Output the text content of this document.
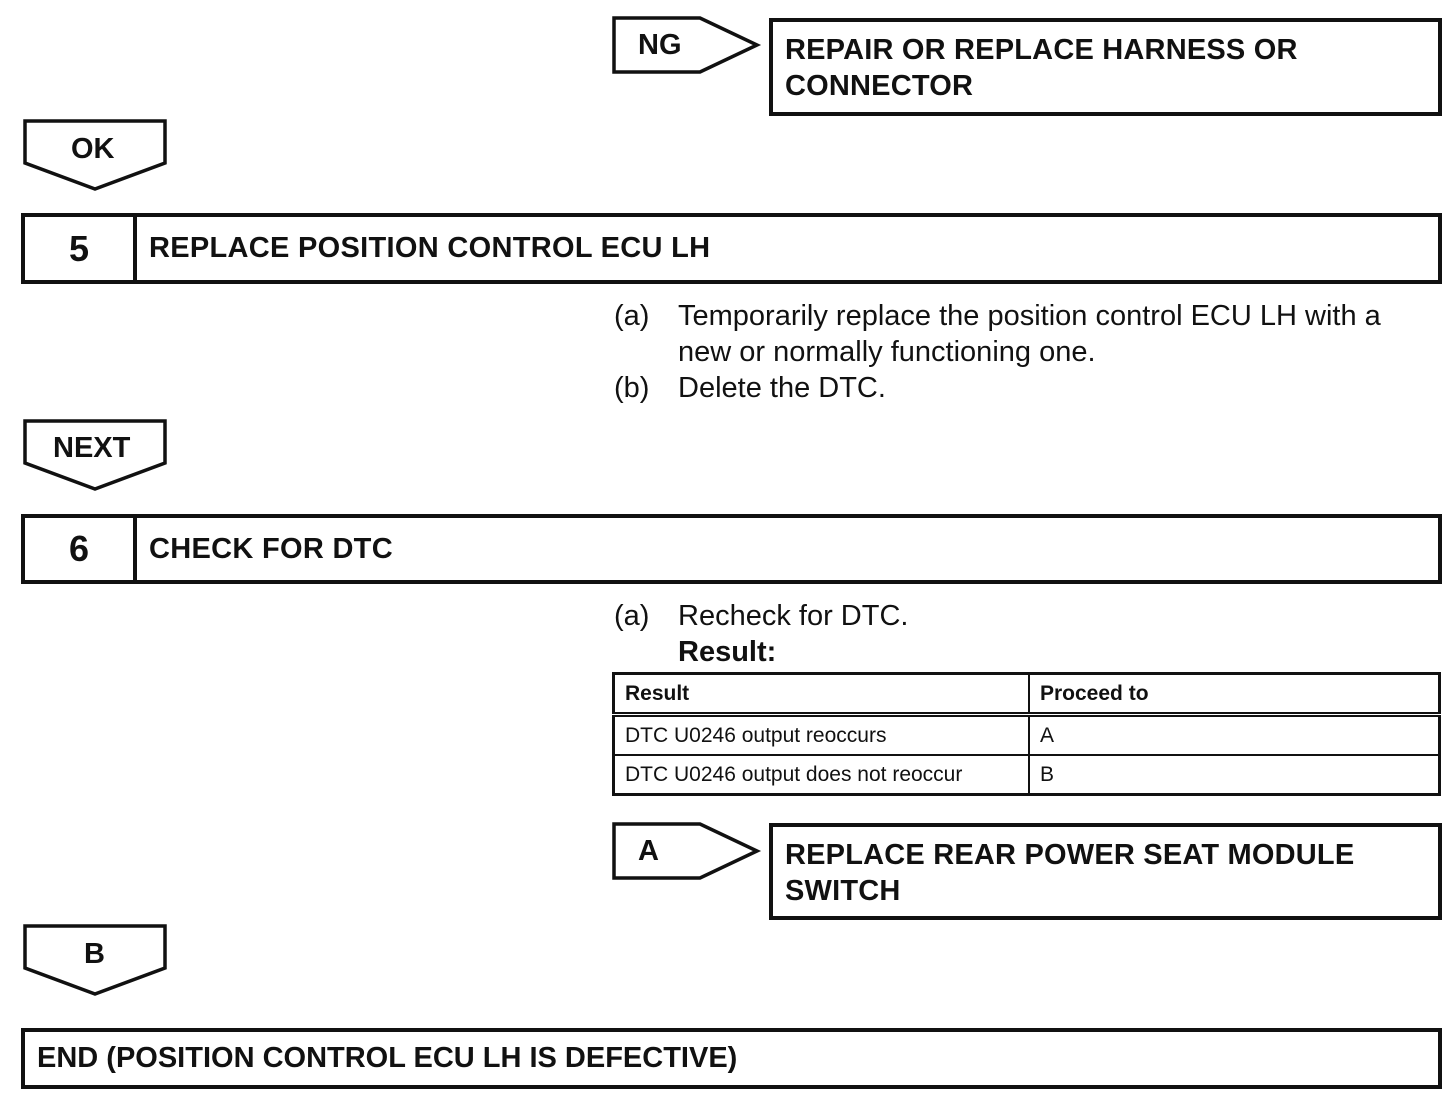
NG	REPAIR OR REPLACE HARNESS OR CONNECTOR
OK
5	REPLACE POSITION CONTROL ECU LH
(a) Temporarily replace the position control ECU LH with a
new or normally functioning one.
(b) Delete the DTC.
NEXT
6	CHECK FOR DTC
(a) Recheck for DTC.
Result:
Result	Proceed to
DTC U0246 output reoccurs	A
DTC U0246 output does not reoccur	B
A	REPLACE REAR POWER SEAT MODULE SWITCH
B
END (POSITION CONTROL ECU LH IS DEFECTIVE)
